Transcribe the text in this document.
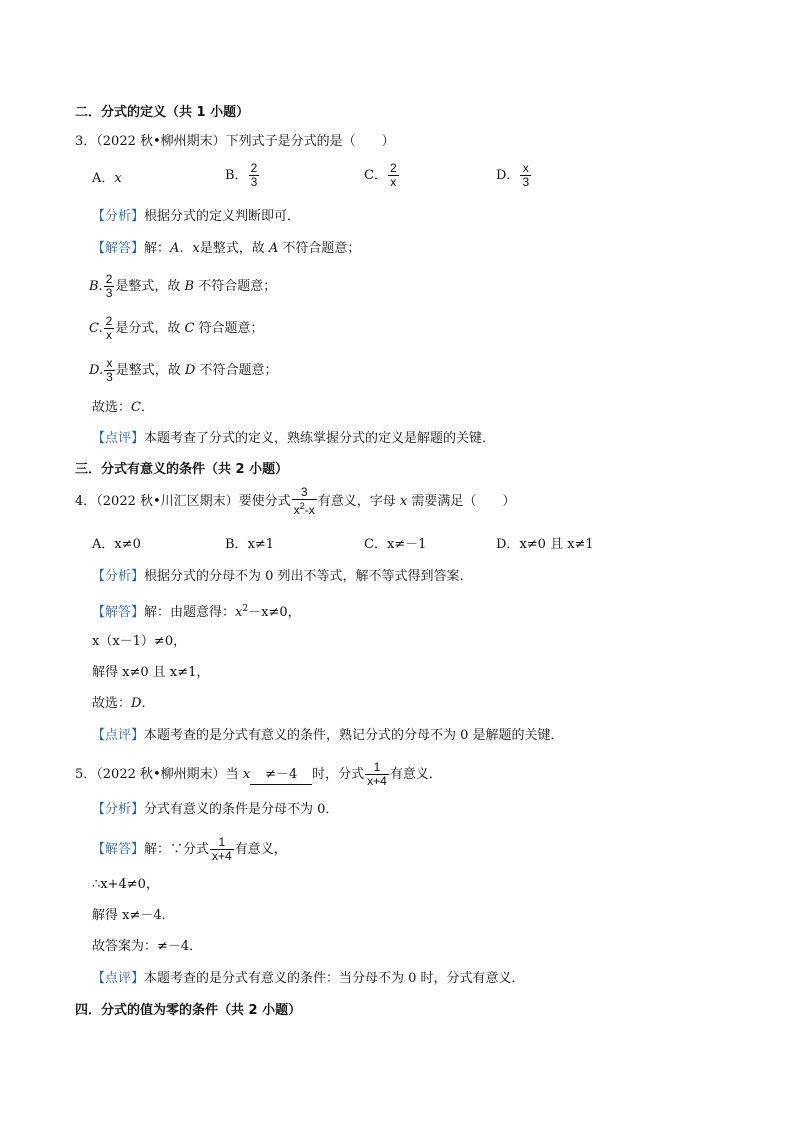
二．分式的定义（共 1 小题）
3．（2022 秋•柳州期末）下列式子是分式的是（　　）
A．x	B． $\frac{2}{3}$	C． $\frac{2}{x}$	D． $\frac{x}{3}$
【分析】根据分式的定义判断即可．
【解答】解：A．x是整式，故 A 不符合题意；
B. $\frac{2}{3}$ 是整式，故 B 不符合题意；
C. $\frac{2}{x}$ 是分式，故 C 符合题意；
D. $\frac{x}{3}$ 是整式，故 D 不符合题意；
故选：C．
【点评】本题考查了分式的定义，熟练掌握分式的定义是解题的关键．
三．分式有意义的条件（共 2 小题）
4．（2022 秋•川汇区期末）要使分式 $\frac{3}{x^2-x}$ 有意义，字母 x 需要满足（　　）
A．x≠0	B．x≠1	C．x≠－1	D．x≠0 且 x≠1
【分析】根据分式的分母不为 0 列出不等式，解不等式得到答案．
【解答】解：由题意得：$x^2-x\ne 0$，
x（x－1）≠0，
解得 x≠0 且 x≠1，
故选：D．
【点评】本题考查的是分式有意义的条件，熟记分式的分母不为 0 是解题的关键．
5．（2022 秋•柳州期末）当 x ≠－4 时，分式 $\frac{1}{x+4}$ 有意义．
【分析】分式有意义的条件是分母不为 0．
【解答】解：∵分式 $\frac{1}{x+4}$ 有意义，
∴x+4≠0，
解得 x≠－4．
故答案为：≠－4．
【点评】本题考查的是分式有意义的条件：当分母不为 0 时，分式有意义．
四．分式的值为零的条件（共 2 小题）
